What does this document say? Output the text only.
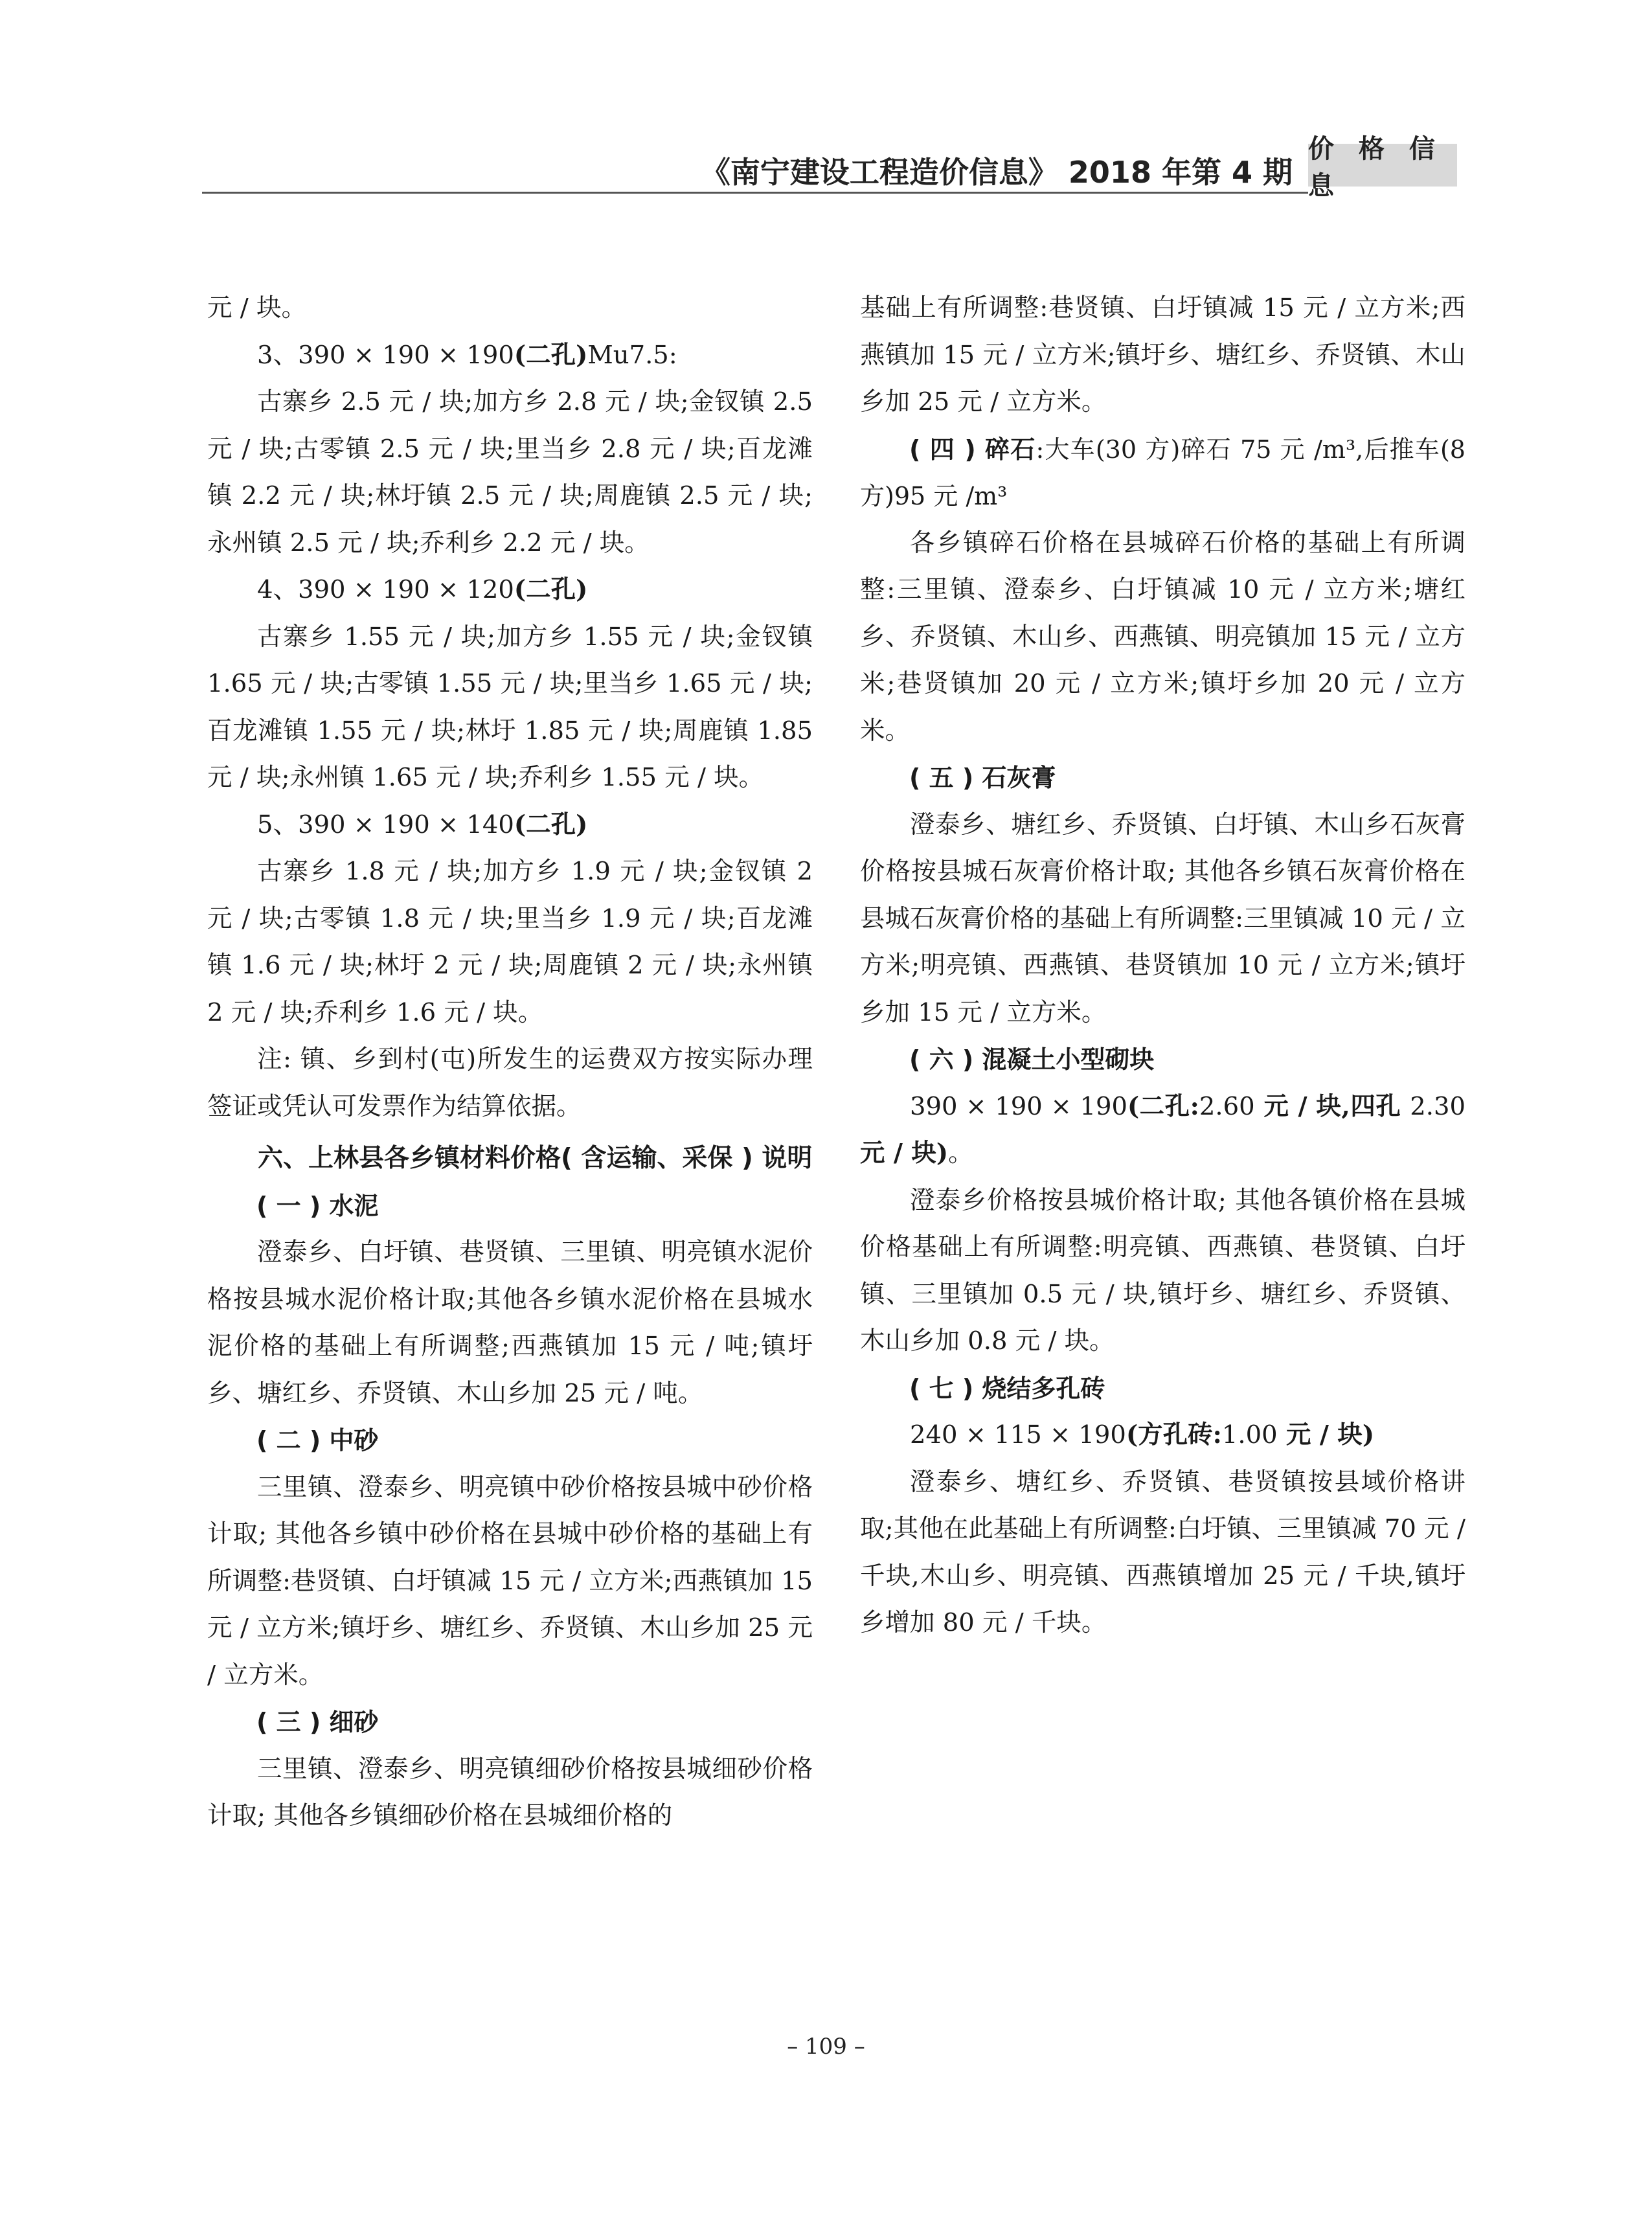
《南宁建设工程造价信息》 2018 年第 4 期
价 格 信 息

元 / 块。

3、390 × 190 × 190(二孔)Mu7.5:

古寨乡 2.5 元 / 块;加方乡 2.8 元 / 块;金钗镇 2.5 元 / 块;古零镇 2.5 元 / 块;里当乡 2.8 元 / 块;百龙滩镇 2.2 元 / 块;林圩镇 2.5 元 / 块;周鹿镇 2.5 元 / 块;永州镇 2.5 元 / 块;乔利乡 2.2 元 / 块。

4、390 × 190 × 120(二孔)

古寨乡 1.55 元 / 块;加方乡 1.55 元 / 块;金钗镇 1.65 元 / 块;古零镇 1.55 元 / 块;里当乡 1.65 元 / 块;百龙滩镇 1.55 元 / 块;林圩 1.85 元 / 块;周鹿镇 1.85 元 / 块;永州镇 1.65 元 / 块;乔利乡 1.55 元 / 块。

5、390 × 190 × 140(二孔)

古寨乡 1.8 元 / 块;加方乡 1.9 元 / 块;金钗镇 2 元 / 块;古零镇 1.8 元 / 块;里当乡 1.9 元 / 块;百龙滩镇 1.6 元 / 块;林圩 2 元 / 块;周鹿镇 2 元 / 块;永州镇 2 元 / 块;乔利乡 1.6 元 / 块。

注: 镇、乡到村(屯)所发生的运费双方按实际办理签证或凭认可发票作为结算依据。

六、上林县各乡镇材料价格( 含运输、采保 ) 说明

( 一 ) 水泥

澄泰乡、白圩镇、巷贤镇、三里镇、明亮镇水泥价格按县城水泥价格计取;其他各乡镇水泥价格在县城水泥价格的基础上有所调整;西燕镇加 15 元 / 吨;镇圩乡、塘红乡、乔贤镇、木山乡加 25 元 / 吨。

( 二 ) 中砂

三里镇、澄泰乡、明亮镇中砂价格按县城中砂价格计取; 其他各乡镇中砂价格在县城中砂价格的基础上有所调整:巷贤镇、白圩镇减 15 元 / 立方米;西燕镇加 15 元 / 立方米;镇圩乡、塘红乡、乔贤镇、木山乡加 25 元 / 立方米。

( 三 ) 细砂

三里镇、澄泰乡、明亮镇细砂价格按县城细砂价格计取; 其他各乡镇细砂价格在县城细价格的

基础上有所调整:巷贤镇、白圩镇减 15 元 / 立方米;西燕镇加 15 元 / 立方米;镇圩乡、塘红乡、乔贤镇、木山乡加 25 元 / 立方米。

( 四 ) 碎石:大车(30 方)碎石 75 元 /m³,后推车(8 方)95 元 /m³

各乡镇碎石价格在县城碎石价格的基础上有所调整:三里镇、澄泰乡、白圩镇减 10 元 / 立方米;塘红乡、乔贤镇、木山乡、西燕镇、明亮镇加 15 元 / 立方米;巷贤镇加 20 元 / 立方米;镇圩乡加 20 元 / 立方米。

( 五 ) 石灰膏

澄泰乡、塘红乡、乔贤镇、白圩镇、木山乡石灰膏价格按县城石灰膏价格计取; 其他各乡镇石灰膏价格在县城石灰膏价格的基础上有所调整:三里镇减 10 元 / 立方米;明亮镇、西燕镇、巷贤镇加 10 元 / 立方米;镇圩乡加 15 元 / 立方米。

( 六 ) 混凝土小型砌块

390 × 190 × 190(二孔:2.60 元 / 块,四孔 2.30元 / 块)。

澄泰乡价格按县城价格计取; 其他各镇价格在县城价格基础上有所调整:明亮镇、西燕镇、巷贤镇、白圩镇、三里镇加 0.5 元 / 块,镇圩乡、塘红乡、乔贤镇、木山乡加 0.8 元 / 块。

( 七 ) 烧结多孔砖

240 × 115 × 190(方孔砖:1.00 元 / 块)

澄泰乡、塘红乡、乔贤镇、巷贤镇按县域价格讲取;其他在此基础上有所调整:白圩镇、三里镇减 70 元 / 千块,木山乡、明亮镇、西燕镇增加 25 元 / 千块,镇圩乡增加 80 元 / 千块。

– 109 –
